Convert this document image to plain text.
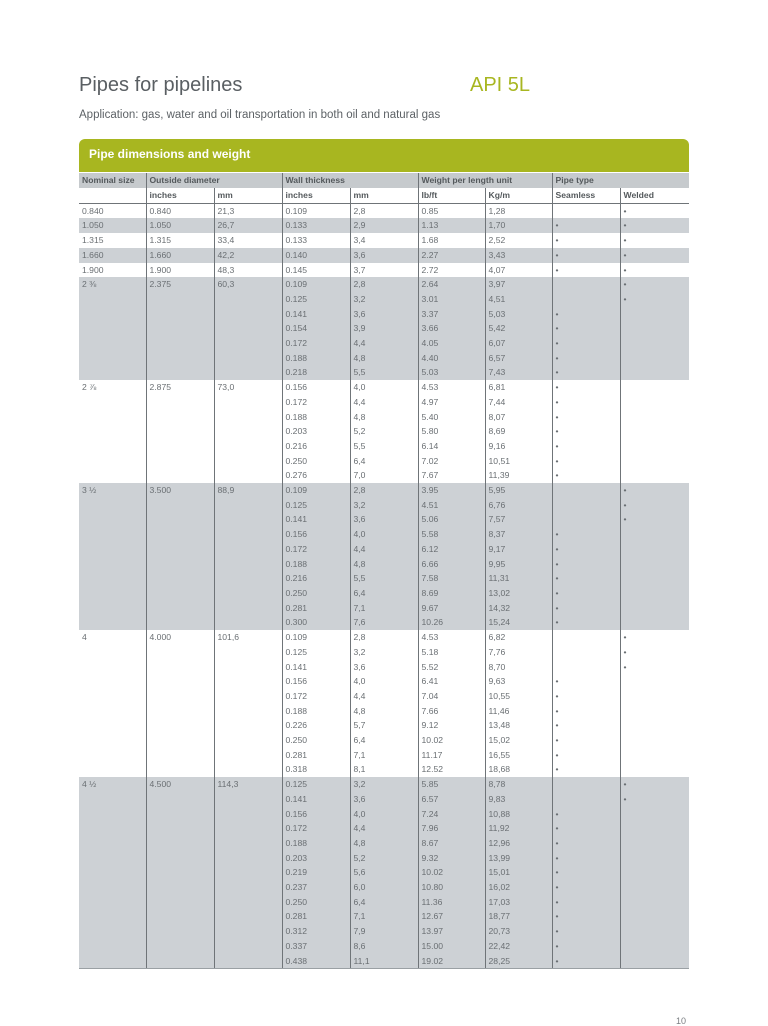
Pipes for pipelines	API 5L
Application: gas, water and oil transportation in both oil and natural gas
Pipe dimensions and weight
Nominal size	Outside diameter		Wall thickness		Weight per length unit		Pipe type	
	inches	mm	inches	mm	lb/ft	Kg/m	Seamless	Welded
0.840	0.840	21,3	0.109	2,8	0.85	1,28		•
1.050	1.050	26,7	0.133	2,9	1.13	1,70	•	•
1.315	1.315	33,4	0.133	3,4	1.68	2,52	•	•
1.660	1.660	42,2	0.140	3,6	2.27	3,43	•	•
1.900	1.900	48,3	0.145	3,7	2.72	4,07	•	•
2 ⅜	2.375	60,3	0.109	2,8	2.64	3,97		•
			0.125	3,2	3.01	4,51		•
			0.141	3,6	3.37	5,03	•	
			0.154	3,9	3.66	5,42	•	
			0.172	4,4	4.05	6,07	•	
			0.188	4,8	4.40	6,57	•	
			0.218	5,5	5.03	7,43	•	
2 ⅞	2.875	73,0	0.156	4,0	4.53	6,81	•	
			0.172	4,4	4.97	7,44	•	
			0.188	4,8	5.40	8,07	•	
			0.203	5,2	5.80	8,69	•	
			0.216	5,5	6.14	9,16	•	
			0.250	6,4	7.02	10,51	•	
			0.276	7,0	7.67	11,39	•	
3 ½	3.500	88,9	0.109	2,8	3.95	5,95		•
			0.125	3,2	4.51	6,76		•
			0.141	3,6	5.06	7,57		•
			0.156	4,0	5.58	8,37	•	
			0.172	4,4	6.12	9,17	•	
			0.188	4,8	6.66	9,95	•	
			0.216	5,5	7.58	11,31	•	
			0.250	6,4	8.69	13,02	•	
			0.281	7,1	9.67	14,32	•	
			0.300	7,6	10.26	15,24	•	
4	4.000	101,6	0.109	2,8	4.53	6,82		•
			0.125	3,2	5.18	7,76		•
			0.141	3,6	5.52	8,70		•
			0.156	4,0	6.41	9,63	•	
			0.172	4,4	7.04	10,55	•	
			0.188	4,8	7.66	11,46	•	
			0.226	5,7	9.12	13,48	•	
			0.250	6,4	10.02	15,02	•	
			0.281	7,1	11.17	16,55	•	
			0.318	8,1	12.52	18,68	•	
4 ½	4.500	114,3	0.125	3,2	5.85	8,78		•
			0.141	3,6	6.57	9,83		•
			0.156	4,0	7.24	10,88	•	
			0.172	4,4	7.96	11,92	•	
			0.188	4,8	8.67	12,96	•	
			0.203	5,2	9.32	13,99	•	
			0.219	5,6	10.02	15,01	•	
			0.237	6,0	10.80	16,02	•	
			0.250	6,4	11.36	17,03	•	
			0.281	7,1	12.67	18,77	•	
			0.312	7,9	13.97	20,73	•	
			0.337	8,6	15.00	22,42	•	
			0.438	11,1	19.02	28,25	•	
10
